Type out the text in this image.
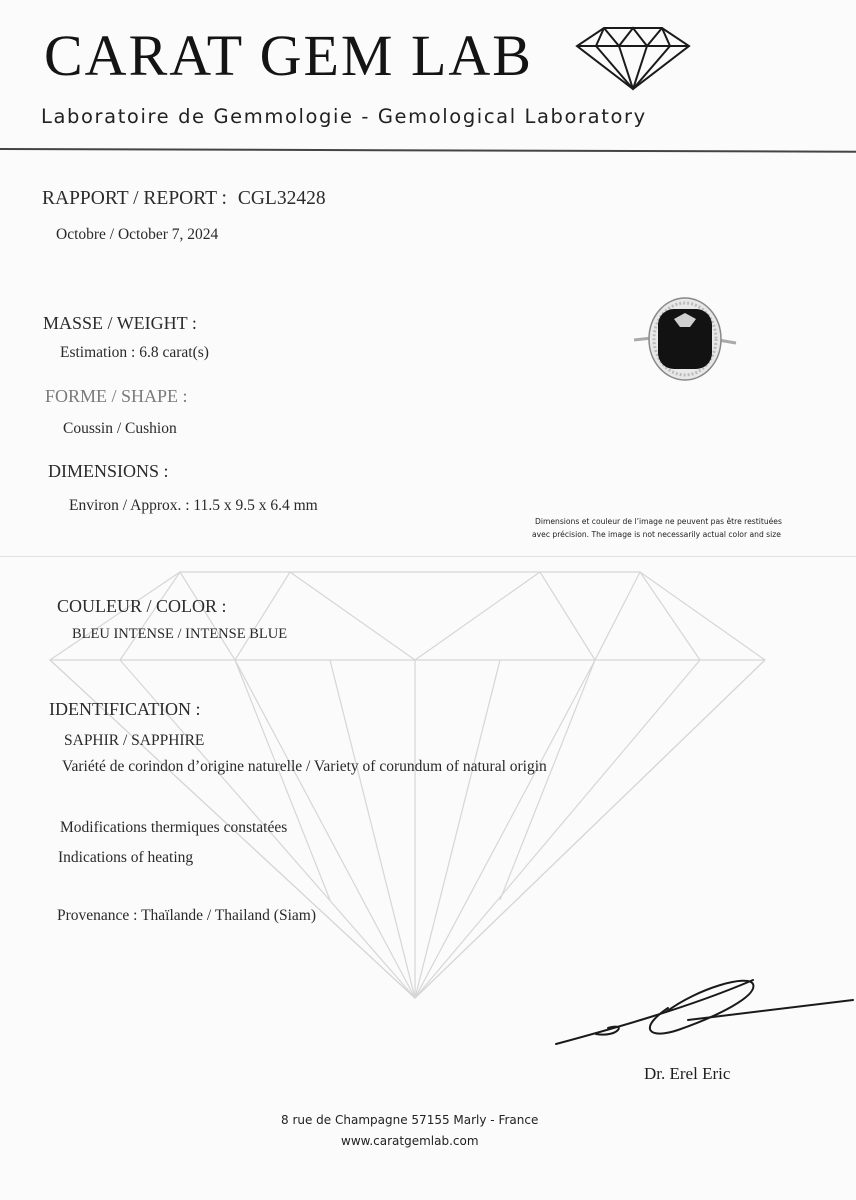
CARAT GEM LAB
Laboratoire de Gemmologie - Gemological Laboratory
RAPPORT / REPORT : CGL32428
Octobre / October 7, 2024
MASSE / WEIGHT :
Estimation : 6.8 carat(s)
FORME / SHAPE :
Coussin / Cushion
DIMENSIONS :
Environ / Approx. : 11.5 x 9.5 x 6.4 mm
Dimensions et couleur de l’image ne peuvent pas être restituées
avec précision. The image is not necessarily actual color and size
COULEUR / COLOR :
BLEU INTENSE / INTENSE BLUE
IDENTIFICATION :
SAPHIR / SAPPHIRE
Variété de corindon d’origine naturelle / Variety of corundum of natural origin
Modifications thermiques constatées
Indications of heating
Provenance : Thaïlande / Thailand (Siam)
Dr. Erel Eric
8 rue de Champagne 57155 Marly - France
www.caratgemlab.com
